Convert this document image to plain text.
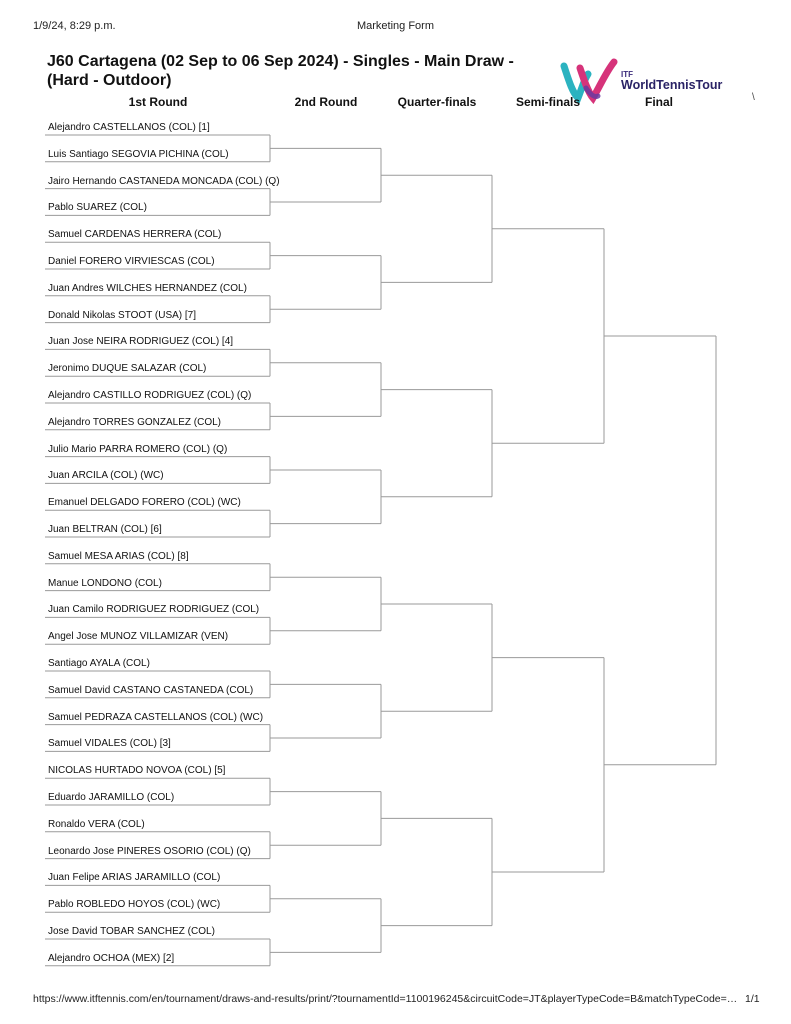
1/9/24, 8:29 p.m.	Marketing Form
J60 Cartagena (02 Sep to 06 Sep 2024) - Singles - Main Draw - (Hard - Outdoor)	ITF
WorldTennisTour
1st Round	2nd Round	Quarter-finals	Semi-finals	Final	\
Alejandro CASTELLANOS (COL) [1]
Luis Santiago SEGOVIA PICHINA (COL)
Jairo Hernando CASTANEDA MONCADA (COL) (Q)
Pablo SUAREZ (COL)
Samuel CARDENAS HERRERA (COL)
Daniel FORERO VIRVIESCAS (COL)
Juan Andres WILCHES HERNANDEZ (COL)
Donald Nikolas STOOT (USA) [7]
Juan Jose NEIRA RODRIGUEZ (COL) [4]
Jeronimo DUQUE SALAZAR (COL)
Alejandro CASTILLO RODRIGUEZ (COL) (Q)
Alejandro TORRES GONZALEZ (COL)
Julio Mario PARRA ROMERO (COL) (Q)
Juan ARCILA (COL) (WC)
Emanuel DELGADO FORERO (COL) (WC)
Juan BELTRAN (COL) [6]
Samuel MESA ARIAS (COL) [8]
Manue LONDONO (COL)
Juan Camilo RODRIGUEZ RODRIGUEZ (COL)
Angel Jose MUNOZ VILLAMIZAR (VEN)
Santiago AYALA (COL)
Samuel David CASTANO CASTANEDA (COL)
Samuel PEDRAZA CASTELLANOS (COL) (WC)
Samuel VIDALES (COL) [3]
NICOLAS HURTADO NOVOA (COL) [5]
Eduardo JARAMILLO (COL)
Ronaldo VERA (COL)
Leonardo Jose PINERES OSORIO (COL) (Q)
Juan Felipe ARIAS JARAMILLO (COL)
Pablo ROBLEDO HOYOS (COL) (WC)
Jose David TOBAR SANCHEZ (COL)
Alejandro OCHOA (MEX) [2]
https://www.itftennis.com/en/tournament/draws-and-results/print/?tournamentId=1100196245&circuitCode=JT&playerTypeCode=B&matchTypeCode=… 1/1
